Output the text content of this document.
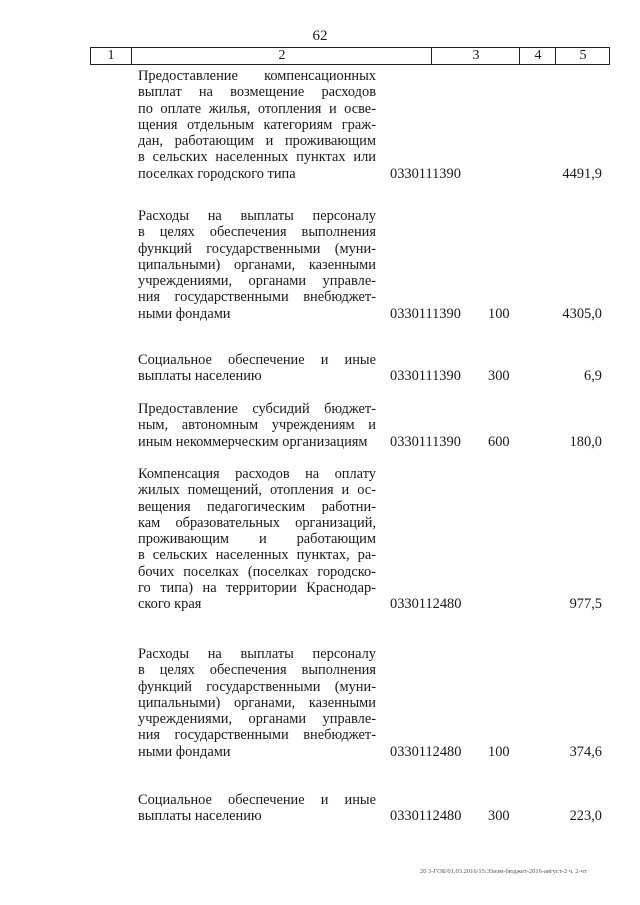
62
1	2	3	4	5
Предоставление компенсационных
выплат на возмещение расходов
по оплате жилья, отопления и осве-
щения отдельным категориям граж-
дан, работающим и проживающим
в сельских населенных пунктах или
поселках городского типа	0330111390	4491,9
Расходы на выплаты персоналу
в целях обеспечения выполнения
функций государственными (муни-
ципальными) органами, казенными
учреждениями, органами управле-
ния государственными внебюджет-
ными фондами	0330111390 100	4305,0
Социальное обеспечение и иные
выплаты населению	0330111390 300	6,9
Предоставление субсидий бюджет-
ным, автономным учреждениям и
иным некоммерческим организациям	0330111390 600	180,0
Компенсация расходов на оплату
жилых помещений, отопления и ос-
вещения педагогическим работни-
кам образовательных организаций,
проживающим и работающим
в сельских населенных пунктах, ра-
бочих поселках (поселках городско-
го типа) на территории Краснодар-
ского края	0330112480	977,5
Расходы на выплаты персоналу
в целях обеспечения выполнения
функций государственными (муни-
ципальными) органами, казенными
учреждениями, органами управле-
ния государственными внебюджет-
ными фондами	0330112480 100	374,6
Социальное обеспечение и иные
выплаты населению	0330112480 300	223,0
20 3-ГОБ/01.03.2016/15:35изм-бюджет-2016-август-2 ч. 2-чт
